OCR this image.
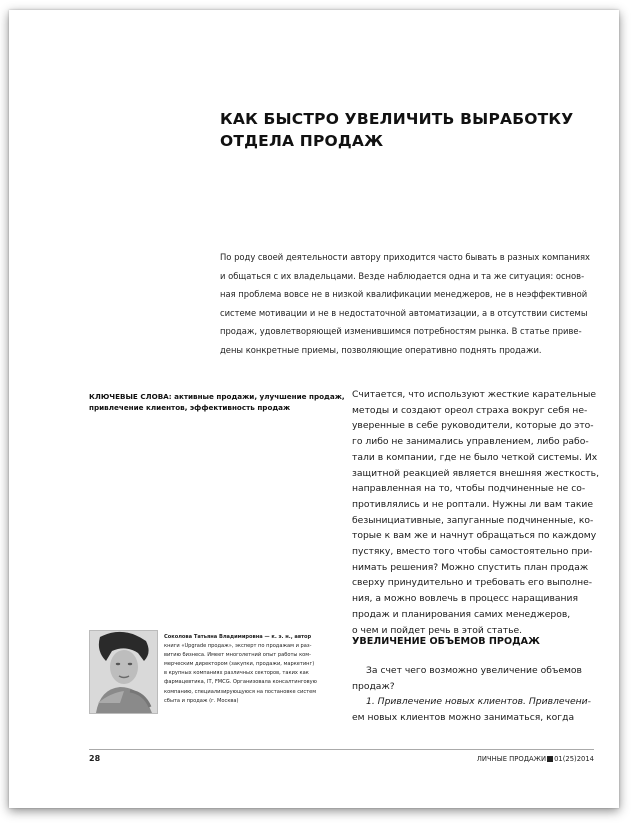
КАК БЫСТРО УВЕЛИЧИТЬ ВЫРАБОТКУ
ОТДЕЛА ПРОДАЖ
По роду своей деятельности автору приходится часто бывать в разных компаниях
и общаться с их владельцами. Везде наблюдается одна и та же ситуация: основ-
ная проблема вовсе не в низкой квалификации менеджеров, не в неэффективной
системе мотивации и не в недостаточной автоматизации, а в отсутствии системы
продаж, удовлетворяющей изменившимся потребностям рынка. В статье приве-
дены конкретные приемы, позволяющие оперативно поднять продажи.
КЛЮЧЕВЫЕ СЛОВА: активные продажи, улучшение продаж,
привлечение клиентов, эффективность продаж
Считается, что используют жесткие карательные
методы и создают ореол страха вокруг себя не-
уверенные в себе руководители, которые до это-
го либо не занимались управлением, либо рабо-
тали в компании, где не было четкой системы. Их
защитной реакцией является внешняя жесткость,
направленная на то, чтобы подчиненные не со-
противлялись и не роптали. Нужны ли вам такие
безынициативные, запуганные подчиненные, ко-
торые к вам же и начнут обращаться по каждому
пустяку, вместо того чтобы самостоятельно при-
нимать решения? Можно спустить план продаж
сверху принудительно и требовать его выполне-
ния, а можно вовлечь в процесс наращивания
продаж и планирования самих менеджеров,
о чем и пойдет речь в этой статье.
Соколова Татьяна Владимировна — к. э. н., автор
книги «Upgrade продаж», эксперт по продажам и раз-
витию бизнеса. Имеет многолетний опыт работы ком-
мерческим директором (закупки, продажи, маркетинг)
в крупных компаниях различных секторов, таких как
фармацевтика, IT, FMCG. Организовала консалтинговую
компанию, специализирующуюся на постановке систем
сбыта и продаж (г. Москва)
УВЕЛИЧЕНИЕ ОБЪЕМОВ ПРОДАЖ
За счет чего возможно увеличение объемов
продаж?
1. Привлечение новых клиентов. Привлечени-
ем новых клиентов можно заниматься, когда
28	ЛИЧНЫЕ ПРОДАЖИ 01(25)2014
